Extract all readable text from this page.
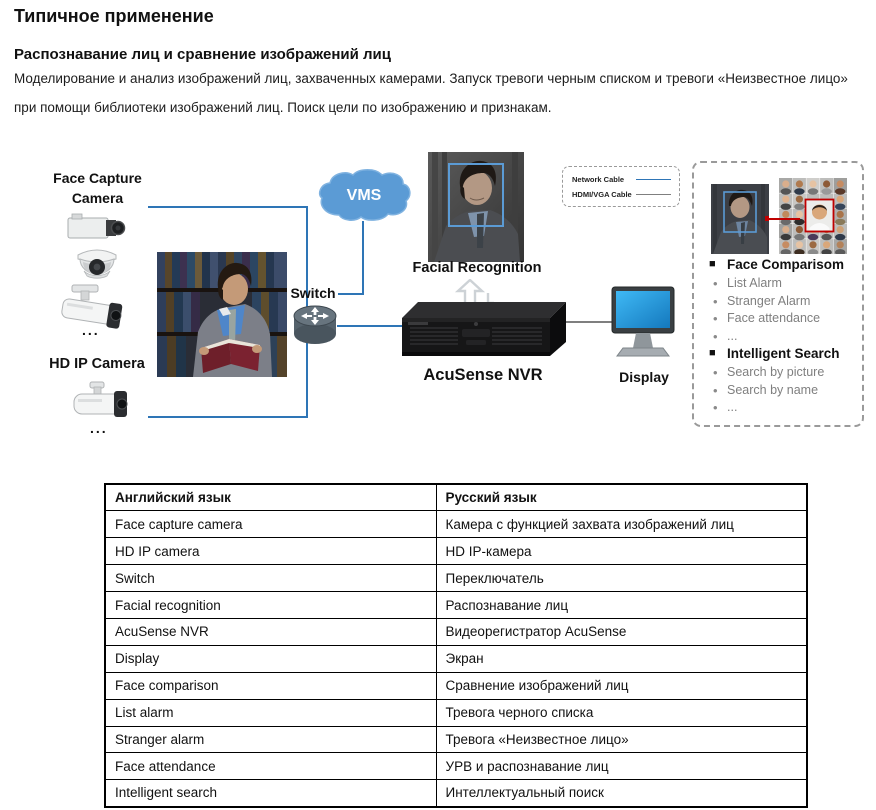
Типичное применение
Распознавание лиц и сравнение изображений лиц
Моделирование и анализ изображений лиц, захваченных камерами. Запуск тревоги черным списком и тревоги «Неизвестное лицо» при помощи библиотеки изображений лиц. Поиск цели по изображению и признакам.
Face Capture Camera
...
HD IP Camera
...
Switch
VMS
Facial Recognition
AcuSense NVR	Display
Network Cable
HDMI/VGA Cable
■ Face Comparisom
• List Alarm
• Stranger Alarm
• Face attendance
• ...
■ Intelligent Search
• Search by picture
• Search by name
• ...
Английский язык	Русский язык
Face capture camera	Камера с функцией захвата изображений лиц
HD IP camera	HD IP-камера
Switch	Переключатель
Facial recognition	Распознавание лиц
AcuSense NVR	Видеорегистратор AcuSense
Display	Экран
Face comparison	Сравнение изображений лиц
List alarm	Тревога черного списка
Stranger alarm	Тревога «Неизвестное лицо»
Face attendance	УРВ и распознавание лиц
Intelligent search	Интеллектуальный поиск
